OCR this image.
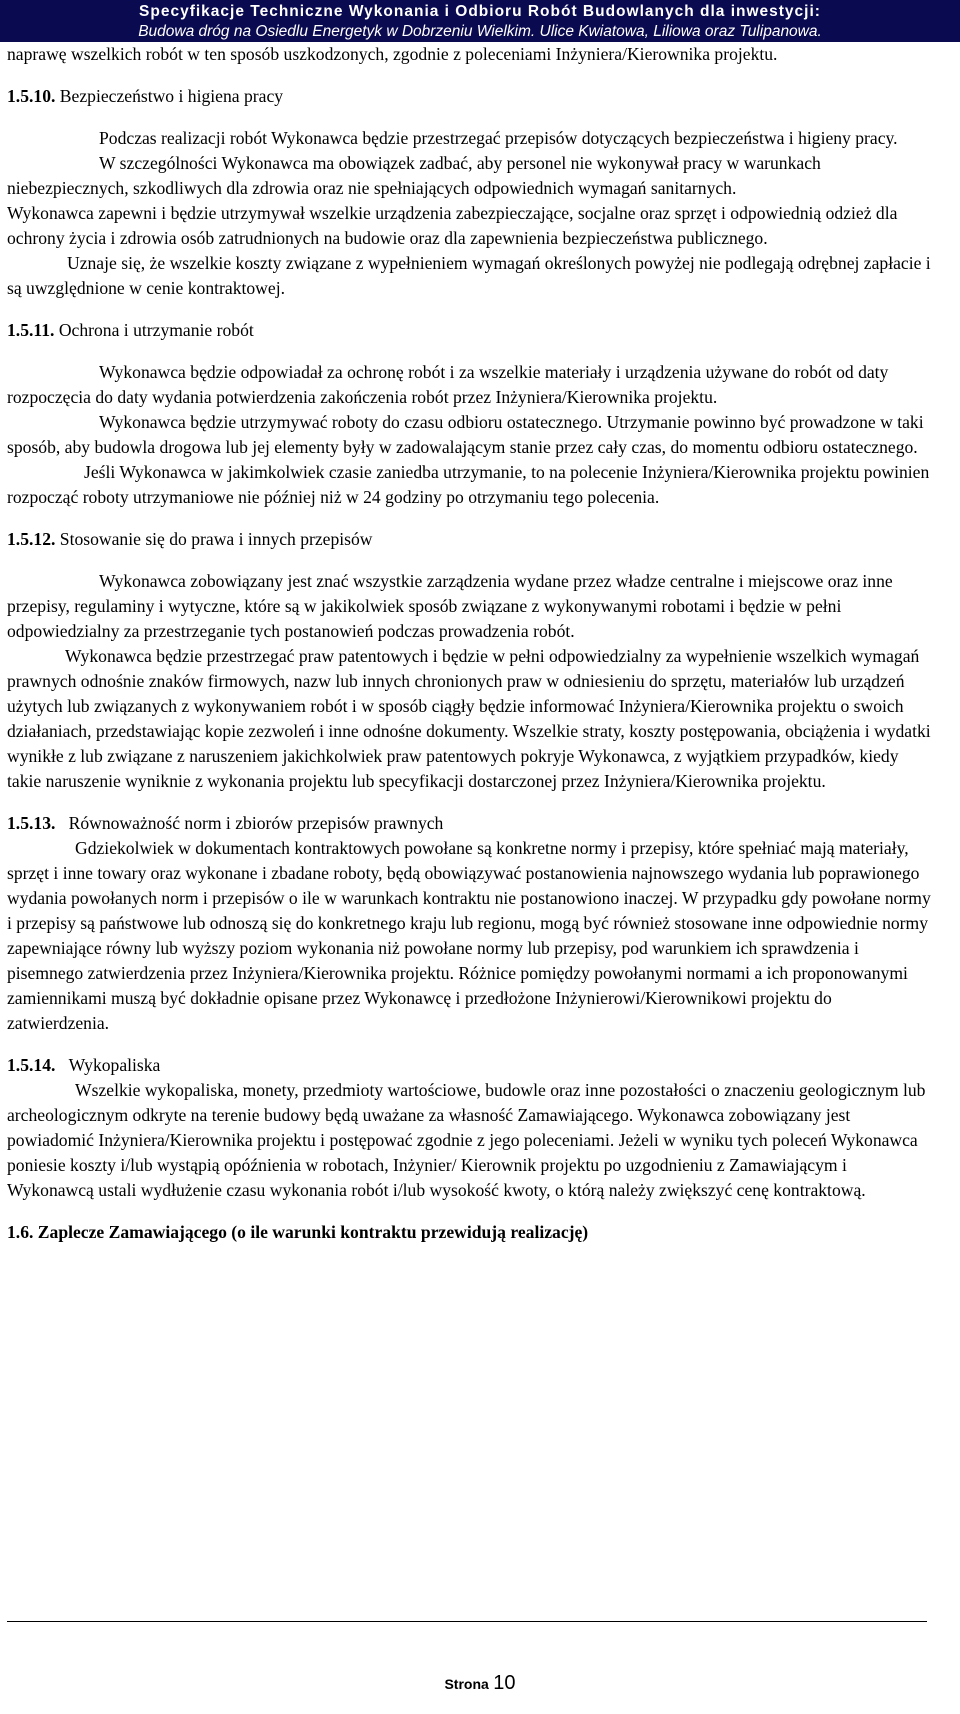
Specyfikacje Techniczne Wykonania i Odbioru Robót Budowlanych dla inwestycji:
Budowa dróg na Osiedlu Energetyk w Dobrzeniu Wielkim. Ulice Kwiatowa, Liliowa oraz Tulipanowa.

naprawę wszelkich robót w ten sposób uszkodzonych, zgodnie z poleceniami Inżyniera/Kierownika projektu.

1.5.10. Bezpieczeństwo i higiena pracy

Podczas realizacji robót Wykonawca będzie przestrzegać przepisów dotyczących bezpieczeństwa i higieny pracy.

W szczególności Wykonawca ma obowiązek zadbać, aby personel nie wykonywał pracy w warunkach niebezpiecznych, szkodliwych dla zdrowia oraz nie spełniających odpowiednich wymagań sanitarnych.

Wykonawca zapewni i będzie utrzymywał wszelkie urządzenia zabezpieczające, socjalne oraz sprzęt i odpowiednią odzież dla ochrony życia i zdrowia osób zatrudnionych na budowie oraz dla zapewnienia bezpieczeństwa publicznego.

Uznaje się, że wszelkie koszty związane z wypełnieniem wymagań określonych powyżej nie podlegają odrębnej zapłacie i są uwzględnione w cenie kontraktowej.

1.5.11. Ochrona i utrzymanie robót

Wykonawca będzie odpowiadał za ochronę robót i za wszelkie materiały i urządzenia używane do robót od daty rozpoczęcia do daty wydania potwierdzenia zakończenia robót przez Inżyniera/Kierownika projektu.

Wykonawca będzie utrzymywać roboty do czasu odbioru ostatecznego. Utrzymanie powinno być prowadzone w taki sposób, aby budowla drogowa lub jej elementy były w zadowalającym stanie przez cały czas, do momentu odbioru ostatecznego.

Jeśli Wykonawca w jakimkolwiek czasie zaniedba utrzymanie, to na polecenie Inżyniera/Kierownika projektu powinien rozpocząć roboty utrzymaniowe nie później niż w 24 godziny po otrzymaniu tego polecenia.

1.5.12. Stosowanie się do prawa i innych przepisów

Wykonawca zobowiązany jest znać wszystkie zarządzenia wydane przez władze centralne i miejscowe oraz inne przepisy, regulaminy i wytyczne, które są w jakikolwiek sposób związane z wykonywanymi robotami i będzie w pełni odpowiedzialny za przestrzeganie tych postanowień podczas prowadzenia robót.

Wykonawca będzie przestrzegać praw patentowych i będzie w pełni odpowiedzialny za wypełnienie wszelkich wymagań prawnych odnośnie znaków firmowych, nazw lub innych chronionych praw w odniesieniu do sprzętu, materiałów lub urządzeń użytych lub związanych z wykonywaniem robót i w sposób ciągły będzie informować Inżyniera/Kierownika projektu o swoich działaniach, przedstawiając kopie zezwoleń i inne odnośne dokumenty. Wszelkie straty, koszty postępowania, obciążenia i wydatki wynikłe z lub związane z naruszeniem jakichkolwiek praw patentowych pokryje Wykonawca, z wyjątkiem przypadków, kiedy takie naruszenie wyniknie z wykonania projektu lub specyfikacji dostarczonej przez Inżyniera/Kierownika projektu.

1.5.13. Równoważność norm i zbiorów przepisów prawnych

Gdziekolwiek w dokumentach kontraktowych powołane są konkretne normy i przepisy, które spełniać mają materiały, sprzęt i inne towary oraz wykonane i zbadane roboty, będą obowiązywać postanowienia najnowszego wydania lub poprawionego wydania powołanych norm i przepisów o ile w warunkach kontraktu nie postanowiono inaczej. W przypadku gdy powołane normy i przepisy są państwowe lub odnoszą się do konkretnego kraju lub regionu, mogą być również stosowane inne odpowiednie normy zapewniające równy lub wyższy poziom wykonania niż powołane normy lub przepisy, pod warunkiem ich sprawdzenia i pisemnego zatwierdzenia przez Inżyniera/Kierownika projektu. Różnice pomiędzy powołanymi normami a ich proponowanymi zamiennikami muszą być dokładnie opisane przez Wykonawcę i przedłożone Inżynierowi/Kierownikowi projektu do zatwierdzenia.

1.5.14. Wykopaliska

Wszelkie wykopaliska, monety, przedmioty wartościowe, budowle oraz inne pozostałości o znaczeniu geologicznym lub archeologicznym odkryte na terenie budowy będą uważane za własność Zamawiającego. Wykonawca zobowiązany jest powiadomić Inżyniera/Kierownika projektu i postępować zgodnie z jego poleceniami. Jeżeli w wyniku tych poleceń Wykonawca poniesie koszty i/lub wystąpią opóźnienia w robotach, Inżynier/ Kierownik projektu po uzgodnieniu z Zamawiającym i Wykonawcą ustali wydłużenie czasu wykonania robót i/lub wysokość kwoty, o którą należy zwiększyć cenę kontraktową.

1.6. Zaplecze Zamawiającego (o ile warunki kontraktu przewidują realizację)

Strona 10
